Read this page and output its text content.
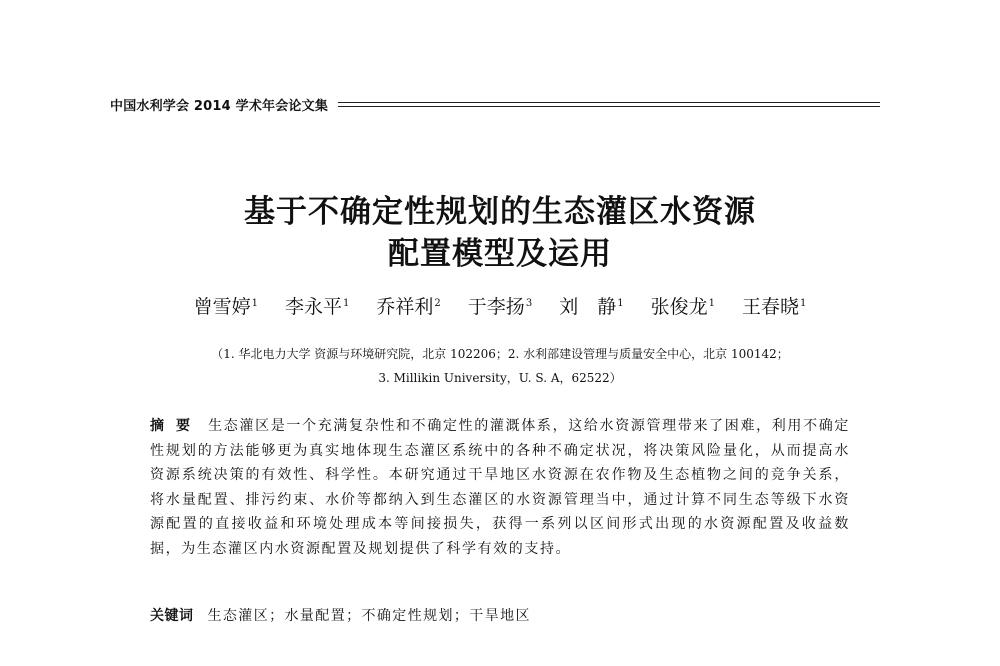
中国水利学会 2014 学术年会论文集
基于不确定性规划的生态灌区水资源
配置模型及运用
曾雪婷$^1$ 李永平$^1$ 乔祥利$^2$ 于李扬$^3$ 刘　静$^1$ 张俊龙$^1$ 王春晓$^1$
（1. 华北电力大学 资源与环境研究院，北京 102206；2. 水利部建设管理与质量安全中心，北京 100142；
3. Millikin University，U. S. A，62522）
摘要 生态灌区是一个充满复杂性和不确定性的灌溉体系，这给水资源管理带来了困难，利用不确定性规划的方法能够更为真实地体现生态灌区系统中的各种不确定状况，将决策风险量化，从而提高水资源系统决策的有效性、科学性。本研究通过干旱地区水资源在农作物及生态植物之间的竞争关系，将水量配置、排污约束、水价等都纳入到生态灌区的水资源管理当中，通过计算不同生态等级下水资源配置的直接收益和环境处理成本等间接损失，获得一系列以区间形式出现的水资源配置及收益数据，为生态灌区内水资源配置及规划提供了科学有效的支持。
关键词 生态灌区；水量配置；不确定性规划；干旱地区
